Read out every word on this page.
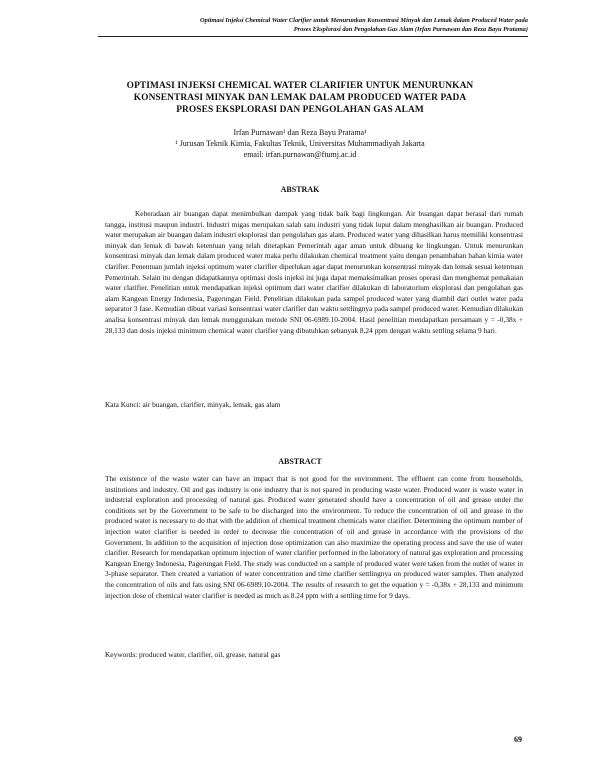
Optimasi Injeksi Chemical Water Clarifier untuk Menurunkan Konsentrasi Minyak dan Lemak dalam Produced Water pada
Proses Eksplorasi dan Pengolahan Gas Alam (Irfan Purnawan dan Reza Bayu Pratama)
OPTIMASI INJEKSI CHEMICAL WATER CLARIFIER UNTUK MENURUNKAN
KONSENTRASI MINYAK DAN LEMAK DALAM PRODUCED WATER PADA
PROSES EKSPLORASI DAN PENGOLAHAN GAS ALAM

Irfan Purnawan¹ dan Reza Bayu Pratama¹

¹ Jurusan Teknik Kimia, Fakultas Teknik, Universitas Muhammadiyah Jakarta

email: irfan.purnawan@ftumj.ac.id

ABSTRAK

Keberadaan air buangan dapat menimbulkan dampak yang tidak baik bagi lingkungan. Air buangan dapat berasal dari rumah tangga, institusi maupun industri. Industri migas merupakan salah satu industri yang tidak luput dalam menghasilkan air buangan. Produced water merupakan air buangan dalam industri eksplorasi dan pengolahan gas alam. Produced water yang dihasilkan harus memiliki konsentrasi minyak dan lemak di bawah ketentuan yang telah ditetapkan Pemerintah agar aman untuk dibuang ke lingkungan. Untuk menurunkan konsentrasi minyak dan lemak dalam produced water maka perlu dilakukan chemical treatment yaitu dengan penambahan bahan kimia water clarifier. Penentuan jumlah injeksi optimum water clarifier diperlukan agar dapat menurunkan konsentrasi minyak dan lemak sesuai ketentuan Pemerintah. Selain itu dengan didapatkannya optimasi dosis injeksi ini juga dapat memaksimalkan proses operasi dan menghemat pemakaian water clarifier. Penelitian untuk mendapatkan injeksi optimum dari water clarifier dilakukan di laboratorium eksplorasi dan pengolahan gas alam Kangean Energy Indonesia, Pagerungan Field. Penelitian dilakukan pada sampel produced water yang diambil dari outlet water pada separator 3 fase. Kemudian dibuat variasi konsentrasi water clarifier dan waktu settlingnya pada sampel produced water. Kemudian dilakukan analisa konsentrasi minyak dan lemak menggunakan metode SNI 06-6989.10-2004. Hasil penelitian mendapatkan persamaan y = -0,38x + 28,133 dan dosis injeksi minimum chemical water clarifier yang dibutuhkan sebanyak 8,24 ppm dengan waktu settling selama 9 hari.

Kata Kunci: air buangan, clarifier, minyak, lemak, gas alam
ABSTRACT

The existence of the waste water can have an impact that is not good for the environment. The effluent can come from households, institutions and industry. Oil and gas industry is one industry that is not spared in producing waste water. Produced water is waste water in industrial exploration and processing of natural gas. Produced water generated should have a concentration of oil and grease under the conditions set by the Government to be safe to be discharged into the environment. To reduce the concentration of oil and grease in the produced water is necessary to do that with the addition of chemical treatment chemicals water clarifier. Determining the optimum number of injection water clarifier is needed in order to decrease the concentration of oil and grease in accordance with the provisions of the Government. In addition to the acquisition of injection dose optimization can also maximize the operating process and save the use of water clarifier. Research for mendapatkan optimum injection of water clarifier performed in the laboratory of natural gas exploration and processing Kangean Energy Indonesia, Pagerungan Field. The study was conducted on a sample of produced water were taken from the outlet of water in 3-phase separator. Then created a variation of water concentration and time clarifier settlingnya on produced water samples. Then analyzed the concentration of oils and fats using SNI 06-6989.10-2004. The results of research to get the equation y = -0,38x + 28,133 and minimum injection dose of chemical water clarifier is needed as much as 8.24 ppm with a settling time for 9 days.

Keywords: produced water, clarifier, oil, grease, natural gas
69
